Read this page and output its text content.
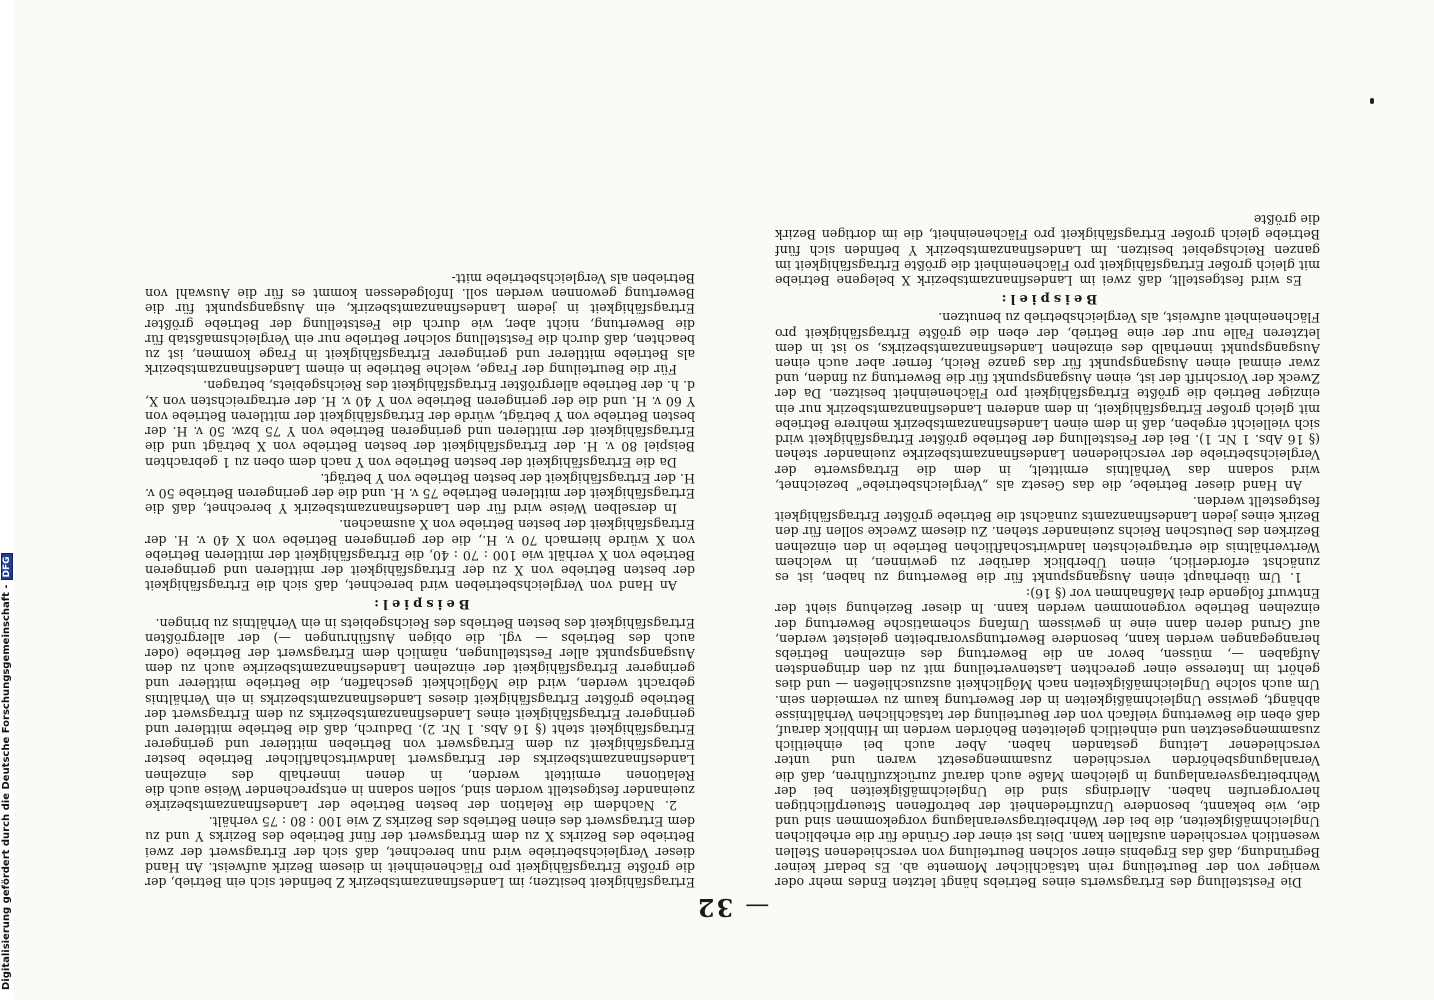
Digitalisierung gefördert durch die Deutsche Forschungsgemeinschaft -DFG
—32

Die Feststellung des Ertragswerts eines Betriebs hängt letzten Endes mehr oder weniger von der Beurteilung rein tatsächlicher Momente ab. Es bedarf keiner Begründung, daß das Ergebnis einer solchen Beurteilung von verschiedenen Stellen wesentlich verschieden ausfallen kann. Dies ist einer der Gründe für die erheblichen Ungleichmäßigkeiten, die bei der Wehrbeitragsveranlagung vorgekommen sind und die, wie bekannt, besondere Unzufriedenheit der betroffenen Steuerpflichtigen hervorgerufen haben. Allerdings sind die Ungleichmäßigkeiten bei der Wehrbeitragsveranlagung in gleichem Maße auch darauf zurückzuführen, daß die Veranlagungsbehörden verschieden zusammengesetzt waren und unter verschiedener Leitung gestanden haben. Aber auch bei einheitlich zusammengesetzten und einheitlich geleiteten Behörden werden im Hinblick darauf, daß eben die Bewertung vielfach von der Beurteilung der tatsächlichen Verhältnisse abhängt, gewisse Ungleichmäßigkeiten in der Bewertung kaum zu vermeiden sein. Um auch solche Ungleichmäßigkeiten nach Möglichkeit auszuschließen — und dies gehört im Interesse einer gerechten Lastenverteilung mit zu den dringendsten Aufgaben —, müssen, bevor an die Bewertung des einzelnen Betriebs herangegangen werden kann, besondere Bewertungsvorarbeiten geleistet werden, auf Grund deren dann eine in gewissem Umfang schematische Bewertung der einzelnen Betriebe vorgenommen werden kann. In dieser Beziehung sieht der Entwurf folgende drei Maßnahmen vor (§ 16):

1. Um überhaupt einen Ausgangspunkt für die Bewertung zu haben, ist es zunächst erforderlich, einen Überblick darüber zu gewinnen, in welchem Wertverhältnis die ertragreichsten landwirtschaftlichen Betriebe in den einzelnen Bezirken des Deutschen Reichs zueinander stehen. Zu diesem Zwecke sollen für den Bezirk eines jeden Landesfinanzamts zunächst die Betriebe größter Ertragsfähigkeit festgestellt werden.

An Hand dieser Betriebe, die das Gesetz als „Vergleichsbetriebe“ bezeichnet, wird sodann das Verhältnis ermittelt, in dem die Ertragswerte der Vergleichsbetriebe der verschiedenen Landesfinanzamtsbezirke zueinander stehen (§ 16 Abs. 1 Nr. 1). Bei der Feststellung der Betriebe größter Ertragsfähigkeit wird sich vielleicht ergeben, daß in dem einen Landesfinanzamtsbezirk mehrere Betriebe mit gleich großer Ertragsfähigkeit, in dem anderen Landesfinanzamtsbezirk nur ein einziger Betrieb die größte Ertragsfähigkeit pro Flächeneinheit besitzen. Da der Zweck der Vorschrift der ist, einen Ausgangspunkt für die Bewertung zu finden, und zwar einmal einen Ausgangspunkt für das ganze Reich, ferner aber auch einen Ausgangspunkt innerhalb des einzelnen Landesfinanzamtsbezirks, so ist in dem letzteren Falle nur der eine Betrieb, der eben die größte Ertragsfähigkeit pro Flächeneinheit aufweist, als Vergleichsbetrieb zu benutzen.

Beispiel:

Es wird festgestellt, daß zwei im Landesfinanzamtsbezirk X belegene Betriebe mit gleich großer Ertragsfähigkeit pro Flächeneinheit die größte Ertragsfähigkeit im ganzen Reichsgebiet besitzen. Im Landesfinanzamtsbezirk Y befinden sich fünf Betriebe gleich großer Ertragsfähigkeit pro Flächeneinheit, die im dortigen Bezirk die größte

Ertragsfähigkeit besitzen; im Landesfinanzamtsbezirk Z befindet sich ein Betrieb, der die größte Ertragsfähigkeit pro Flächeneinheit in diesem Bezirk aufweist. An Hand dieser Vergleichsbetriebe wird nun berechnet, daß sich der Ertragswert der zwei Betriebe des Bezirks X zu dem Ertragswert der fünf Betriebe des Bezirks Y und zu dem Ertragswert des einen Betriebs des Bezirks Z wie 100 : 80 : 75 verhält.

2. Nachdem die Relation der besten Betriebe der Landesfinanzamtsbezirke zueinander festgestellt worden sind, sollen sodann in entsprechender Weise auch die Relationen ermittelt werden, in denen innerhalb des einzelnen Landesfinanzamtsbezirks der Ertragswert landwirtschaftlicher Betriebe bester Ertragsfähigkeit zu dem Ertragswert von Betrieben mittlerer und geringerer Ertragsfähigkeit steht (§ 16 Abs. 1 Nr. 2). Dadurch, daß die Betriebe mittlerer und geringerer Ertragsfähigkeit eines Landesfinanzamtsbezirks zu dem Ertragswert der Betriebe größter Ertragsfähigkeit dieses Landesfinanzamtsbezirks in ein Verhältnis gebracht werden, wird die Möglichkeit geschaffen, die Betriebe mittlerer und geringerer Ertragsfähigkeit der einzelnen Landesfinanzamtsbezirke auch zu dem Ausgangspunkt aller Feststellungen, nämlich dem Ertragswert der Betriebe (oder auch des Betriebs — vgl. die obigen Ausführungen —) der allergrößten Ertragsfähigkeit des besten Betriebs des Reichsgebiets in ein Verhältnis zu bringen.

Beispiel:

An Hand von Vergleichsbetrieben wird berechnet, daß sich die Ertragsfähigkeit der besten Betriebe von X zu der Ertragsfähigkeit der mittleren und geringeren Betriebe von X verhält wie 100 : 70 : 40, die Ertragsfähigkeit der mittleren Betriebe von X würde hiernach 70 v. H., die der geringeren Betriebe von X 40 v. H. der Ertragsfähigkeit der besten Betriebe von X ausmachen.

In derselben Weise wird für den Landesfinanzamtsbezirk Y berechnet, daß die Ertragsfähigkeit der mittleren Betriebe 75 v. H. und die der geringeren Betriebe 50 v. H. der Ertragsfähigkeit der besten Betriebe von Y beträgt.

Da die Ertragsfähigkeit der besten Betriebe von Y nach dem oben zu 1 gebrachten Beispiel 80 v. H. der Ertragsfähigkeit der besten Betriebe von X beträgt und die Ertragsfähigkeit der mittleren und geringeren Betriebe von Y 75 bzw. 50 v. H. der besten Betriebe von Y beträgt, würde der Ertragsfähigkeit der mittleren Betriebe von Y 60 v. H. und die der geringeren Betriebe von Y 40 v. H. der ertragreichsten von X, d. h. der Betriebe allergrößter Ertragsfähigkeit des Reichsgebiets, betragen.

Für die Beurteilung der Frage, welche Betriebe in einem Landesfinanzamtsbezirk als Betriebe mittlerer und geringerer Ertragsfähigkeit in Frage kommen, ist zu beachten, daß durch die Feststellung solcher Betriebe nur ein Vergleichsmaßstab für die Bewertung, nicht aber, wie durch die Feststellung der Betriebe größter Ertragsfähigkeit in jedem Landesfinanzamtsbezirk, ein Ausgangspunkt für die Bewertung gewonnen werden soll. Infolgedessen kommt es für die Auswahl von Betrieben als Vergleichsbetriebe mitt-
